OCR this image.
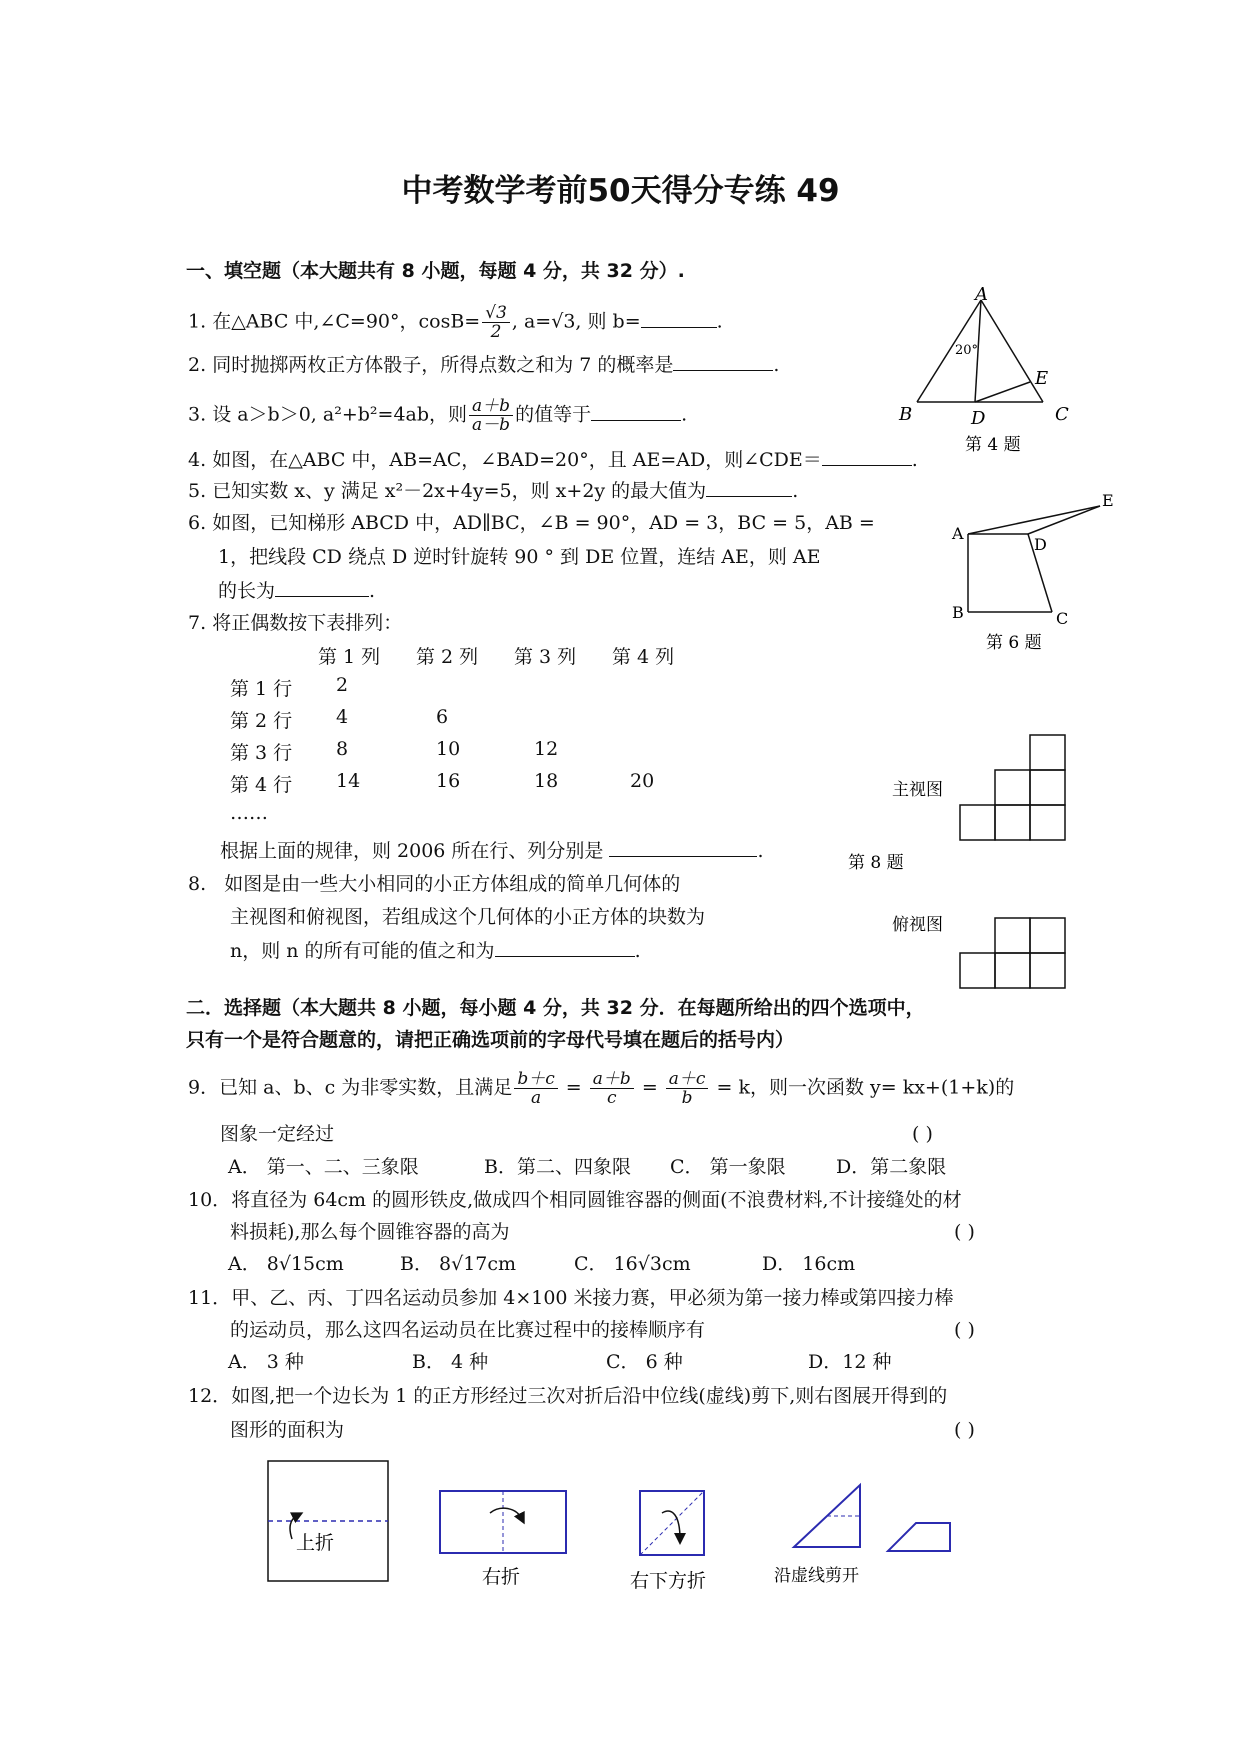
中考数学考前50天得分专练 49
一、填空题（本大题共有 8 小题，每题 4 分，共 32 分）.
1. 在△ABC 中,∠C=90°，$\cos B= \frac{√3}{2}$ , a=√3, 则 b=	.
2. 同时抛掷两枚正方体骰子，所得点数之和为 7 的概率是	.
3. 设 a＞b＞0, a²+b²=4ab，则 $\frac{a+b}{a-b}$ 的值等于	.
4. 如图，在△ABC 中，AB=AC，∠BAD=20°，且 AE=AD，则∠CDE＝	.
5. 已知实数 x、y 满足 x²－2x+4y=5，则 x+2y 的最大值为	.
6. 如图，已知梯形 ABCD 中，AD∥BC，∠B = 90°，AD = 3，BC = 5，AB =
1，把线段 CD 绕点 D 逆时针旋转 90 ° 到 DE 位置，连结 AE，则 AE
的长为	.
7. 将正偶数按下表排列：
第 1 列 第 2 列 第 3 列 第 4 列
第 1 行 2
第 2 行 4	6
第 3 行 8	10	12
第 4 行 14	16	18	20
……
根据上面的规律，则 2006 所在行、列分别是	.
8. 如图是由一些大小相同的小正方体组成的简单几何体的
主视图和俯视图，若组成这个几何体的小正方体的块数为
n，则 n 的所有可能的值之和为	.
A
B	C
D
E
20°
第 4 题
A
B	C
D
E
第 6 题
主视图
第 8 题
俯视图
二．选择题（本大题共 8 小题，每小题 4 分，共 32 分．在每题所给出的四个选项中，
只有一个是符合题意的，请把正确选项前的字母代号填在题后的括号内）
9．已知 a、b、c 为非零实数，且满足 $\frac{b+c}{a} = \frac{a+b}{c} = \frac{a+c}{b} = k$，则一次函数 y= kx+(1+k)的
图象一定经过	( )
A． 第一、二、三象限	B．第二、四象限 C． 第一象限	D．第二象限
10．将直径为 64cm 的圆形铁皮,做成四个相同圆锥容器的侧面(不浪费材料,不计接缝处的材
料损耗),那么每个圆锥容器的高为	( )
A． 8√15cm	B． 8√17cm	C． 16√3cm	D． 16cm
11．甲、乙、丙、丁四名运动员参加 4×100 米接力赛，甲必须为第一接力棒或第四接力棒
的运动员，那么这四名运动员在比赛过程中的接棒顺序有	( )
A． 3 种	B． 4 种	C． 6 种	D．12 种
12．如图,把一个边长为 1 的正方形经过三次对折后沿中位线(虚线)剪下,则右图展开得到的
图形的面积为	( )
上折
右折	右下方折	沿虚线剪开
